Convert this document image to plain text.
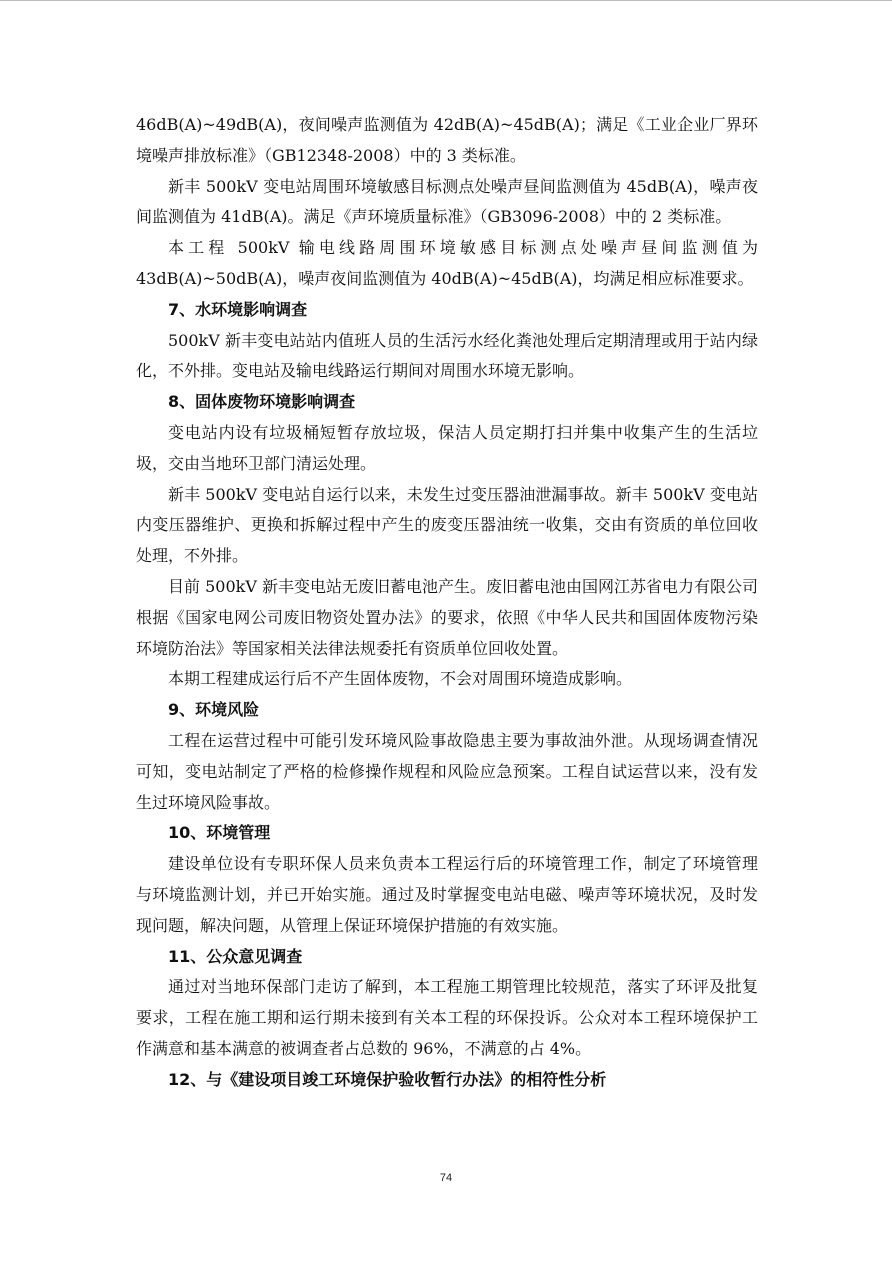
46dB(A)~49dB(A)，夜间噪声监测值为 42dB(A)~45dB(A)；满足《工业企业厂界环境噪声排放标准》（GB12348-2008）中的 3 类标准。

新丰 500kV 变电站周围环境敏感目标测点处噪声昼间监测值为 45dB(A)，噪声夜间监测值为 41dB(A)。满足《声环境质量标准》（GB3096-2008）中的 2 类标准。

本工程 500kV 输电线路周围环境敏感目标测点处噪声昼间监测值为 43dB(A)~50dB(A)，噪声夜间监测值为 40dB(A)~45dB(A)，均满足相应标准要求。

7、水环境影响调查

500kV 新丰变电站站内值班人员的生活污水经化粪池处理后定期清理或用于站内绿化，不外排。变电站及输电线路运行期间对周围水环境无影响。

8、固体废物环境影响调查

变电站内设有垃圾桶短暂存放垃圾，保洁人员定期打扫并集中收集产生的生活垃圾，交由当地环卫部门清运处理。

新丰 500kV 变电站自运行以来，未发生过变压器油泄漏事故。新丰 500kV 变电站内变压器维护、更换和拆解过程中产生的废变压器油统一收集，交由有资质的单位回收处理，不外排。

目前 500kV 新丰变电站无废旧蓄电池产生。废旧蓄电池由国网江苏省电力有限公司根据《国家电网公司废旧物资处置办法》的要求，依照《中华人民共和国固体废物污染环境防治法》等国家相关法律法规委托有资质单位回收处置。

本期工程建成运行后不产生固体废物，不会对周围环境造成影响。

9、环境风险

工程在运营过程中可能引发环境风险事故隐患主要为事故油外泄。从现场调查情况可知，变电站制定了严格的检修操作规程和风险应急预案。工程自试运营以来，没有发生过环境风险事故。

10、环境管理

建设单位设有专职环保人员来负责本工程运行后的环境管理工作，制定了环境管理与环境监测计划，并已开始实施。通过及时掌握变电站电磁、噪声等环境状况，及时发现问题，解决问题，从管理上保证环境保护措施的有效实施。

11、公众意见调查

通过对当地环保部门走访了解到，本工程施工期管理比较规范，落实了环评及批复要求，工程在施工期和运行期未接到有关本工程的环保投诉。公众对本工程环境保护工作满意和基本满意的被调查者占总数的 96%，不满意的占 4%。

12、与《建设项目竣工环境保护验收暂行办法》的相符性分析
74
